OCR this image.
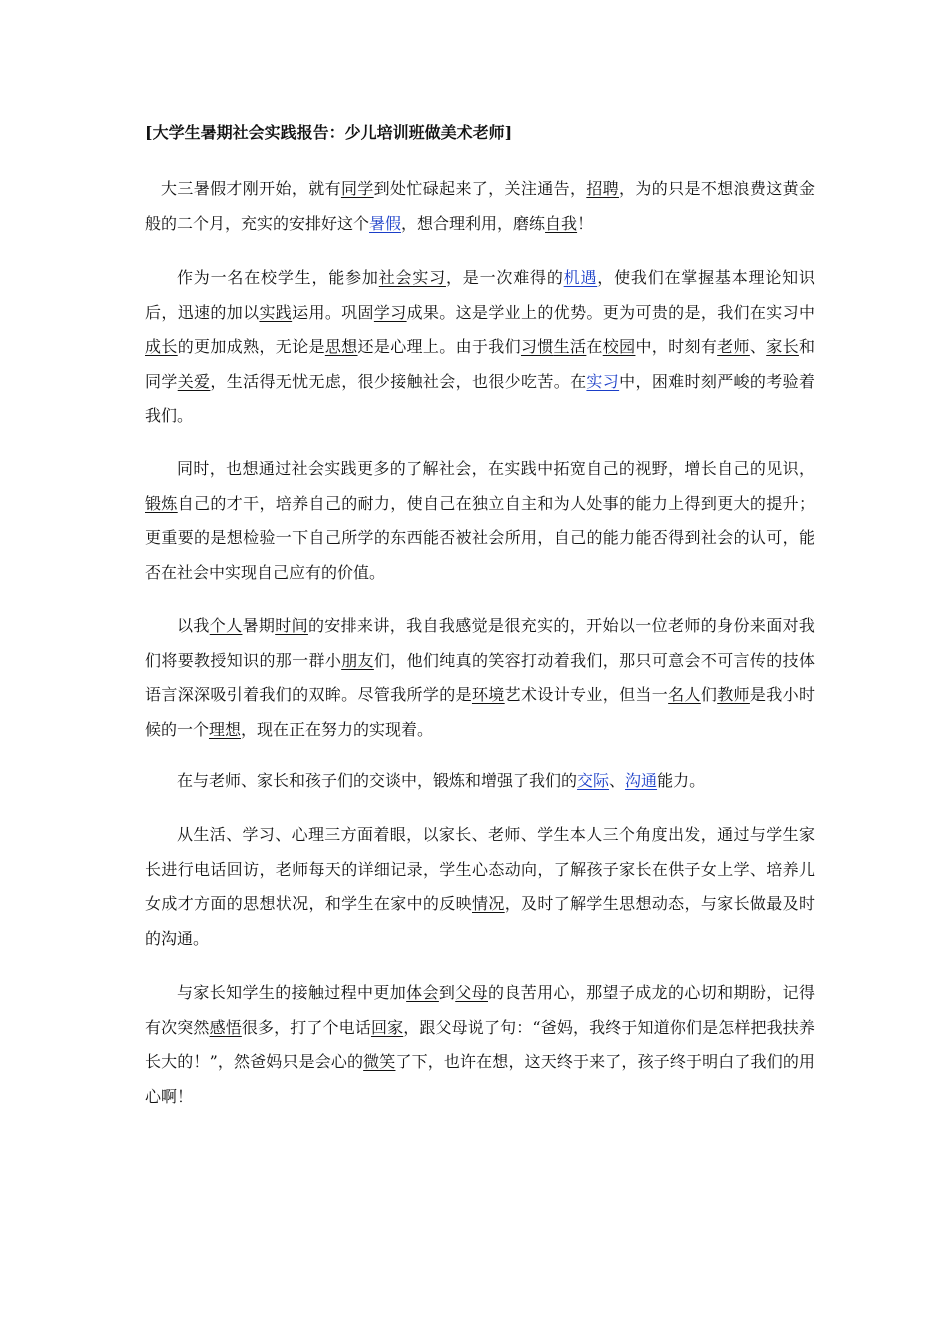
[大学生暑期社会实践报告：少儿培训班做美术老师]

大三暑假才刚开始，就有同学到处忙碌起来了，关注通告，招聘，为的只是不想浪费这黄金般的二个月，充实的安排好这个暑假，想合理利用，磨练自我！

作为一名在校学生，能参加社会实习，是一次难得的机遇，使我们在掌握基本理论知识后，迅速的加以实践运用。巩固学习成果。这是学业上的优势。更为可贵的是，我们在实习中成长的更加成熟，无论是思想还是心理上。由于我们习惯生活在校园中，时刻有老师、家长和同学关爱，生活得无忧无虑，很少接触社会，也很少吃苦。在实习中，困难时刻严峻的考验着我们。

同时，也想通过社会实践更多的了解社会，在实践中拓宽自己的视野，增长自己的见识，锻炼自己的才干，培养自己的耐力，使自己在独立自主和为人处事的能力上得到更大的提升；更重要的是想检验一下自己所学的东西能否被社会所用，自己的能力能否得到社会的认可，能否在社会中实现自己应有的价值。

以我个人暑期时间的安排来讲，我自我感觉是很充实的，开始以一位老师的身份来面对我们将要教授知识的那一群小朋友们，他们纯真的笑容打动着我们，那只可意会不可言传的技体语言深深吸引着我们的双眸。尽管我所学的是环境艺术设计专业，但当一名人们教师是我小时候的一个理想，现在正在努力的实现着。

在与老师、家长和孩子们的交谈中，锻炼和增强了我们的交际、沟通能力。

从生活、学习、心理三方面着眼，以家长、老师、学生本人三个角度出发，通过与学生家长进行电话回访，老师每天的详细记录，学生心态动向，了解孩子家长在供子女上学、培养儿女成才方面的思想状况，和学生在家中的反映情况，及时了解学生思想动态，与家长做最及时的沟通。

与家长知学生的接触过程中更加体会到父母的良苦用心，那望子成龙的心切和期盼，记得有次突然感悟很多，打了个电话回家，跟父母说了句：“爸妈，我终于知道你们是怎样把我扶养长大的！”，然爸妈只是会心的微笑了下，也许在想，这天终于来了，孩子终于明白了我们的用心啊！
